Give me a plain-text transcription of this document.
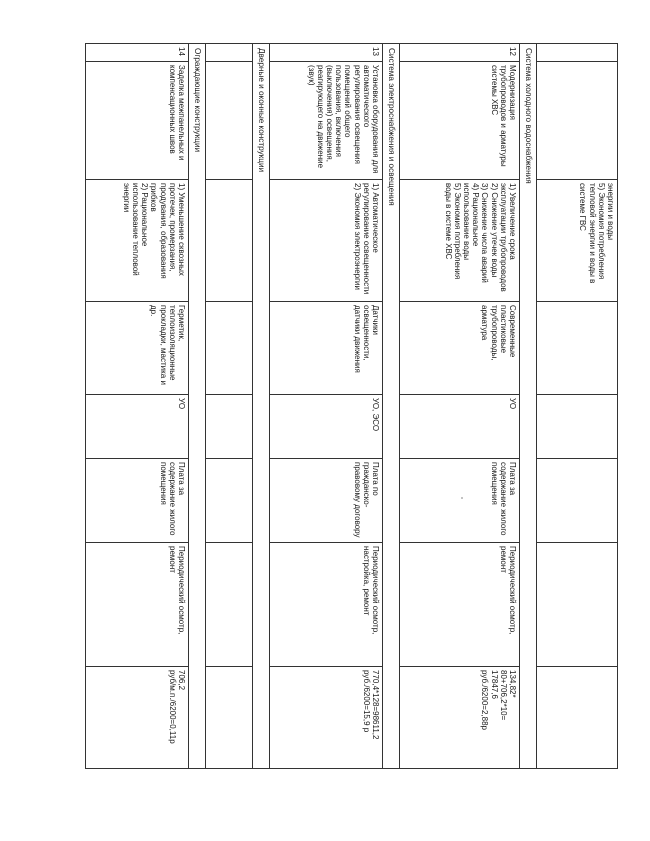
		энергии и воды
5) Экономия потребления тепловой энергии и воды в системе ГВС					

Система холодного водоснабжения							
12	Модернизация трубопроводов и арматуры системы ХВС	1) Увеличение срока эксплуатации трубопроводов
2) Снижение утечек воды
3) Снижение числа аварий
4) Рациональное использование воды
5) Экономия потребления воды в системе ХВС	Современные пластиковые трубопроводы, арматура	УО	Плата за содержание жилого помещения	Периодический осмотр, ремонт	134,82*
80+706,2*10=
17847,6
руб./6200=2,88р
Система электроснабжения и освещения							
13	Установка оборудования для автоматического регулирования освещения помещений общего пользования, включения (выключения) освещения, реагирующего на движение (звук)	1) Автоматическое регулирование освещенности
2) Экономия электроэнергии	Датчики освещенности, датчики движения	УО, ЭСО	Плата по гражданско-правовому договору	Периодический осмотр, настройка, ремонт	770,4*128=98611,2
руб./6200=15,9 р
Дверные и оконные конструкции							

Ограждающие конструкции							
14	Заделка межпанельных и компенсационных швов	1) Уменьшение сквозных протечек, промерзания, продувания, образования грибков
2) Рациональное использование тепловой энергии	Герметик, теплоизоляционные прокладки, мастика и др.	УО	Плата за содержание жилого помещения	Периодический осмотр, ремонт	706,2
руб/м.п./6200=0,11р
